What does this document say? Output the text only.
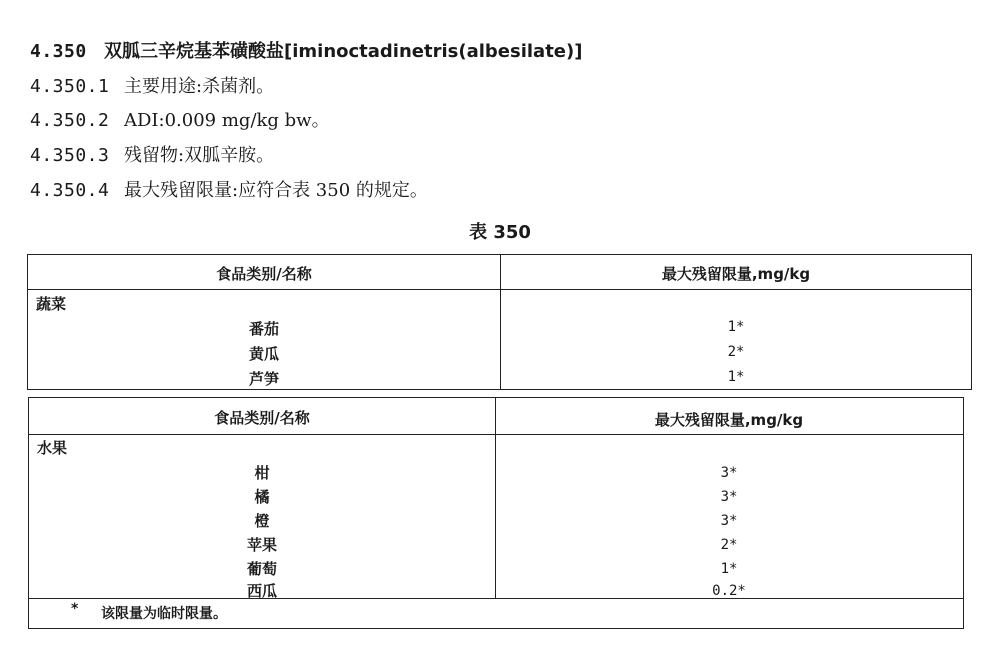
4.350 双胍三辛烷基苯磺酸盐[iminoctadinetris(albesilate)]
4.350.1 主要用途:杀菌剂。
4.350.2 ADI:0.009 mg/kg bw。
4.350.3 残留物:双胍辛胺。
4.350.4 最大残留限量:应符合表 350 的规定。
表 350
食品类别/名称	最大残留限量,mg/kg
蔬菜
番茄	1*
黄瓜	2*
芦笋	1*
食品类别/名称	最大残留限量,mg/kg
水果
柑	3*
橘	3*
橙	3*
苹果	2*
葡萄	1*
西瓜	0.2*
* 该限量为临时限量。
